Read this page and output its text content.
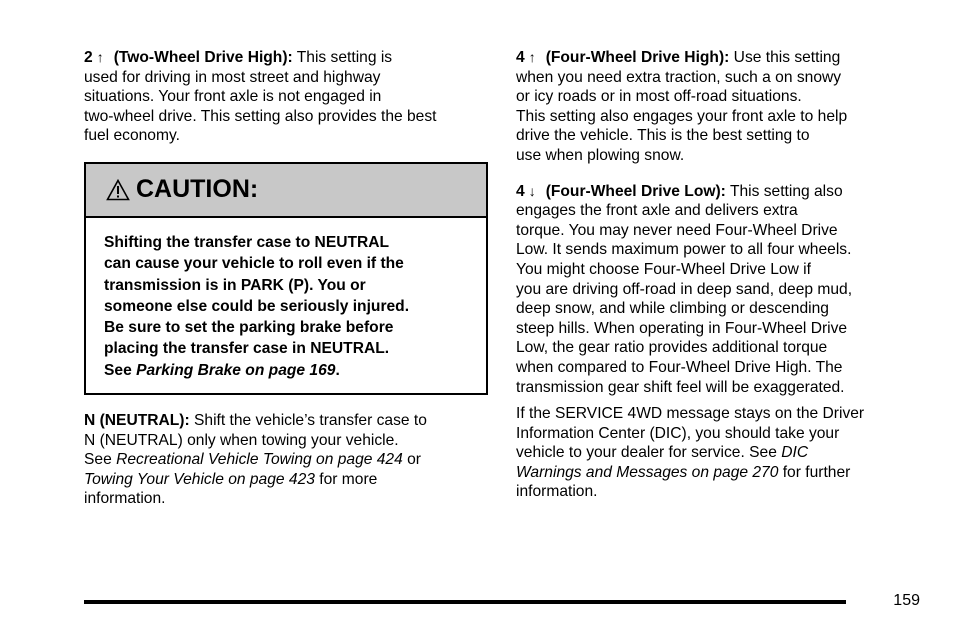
2 ↑ (Two-Wheel Drive High): This setting is
used for driving in most street and highway
situations. Your front axle is not engaged in
two-wheel drive. This setting also provides the best
fuel economy.

CAUTION:
Shifting the transfer case to NEUTRAL
can cause your vehicle to roll even if the
transmission is in PARK (P). You or
someone else could be seriously injured.
Be sure to set the parking brake before
placing the transfer case in NEUTRAL.
See Parking Brake on page 169.

N (NEUTRAL): Shift the vehicle’s transfer case to
N (NEUTRAL) only when towing your vehicle.
See Recreational Vehicle Towing on page 424 or
Towing Your Vehicle on page 423 for more
information.

4 ↑ (Four-Wheel Drive High): Use this setting
when you need extra traction, such a on snowy
or icy roads or in most off-road situations.
This setting also engages your front axle to help
drive the vehicle. This is the best setting to
use when plowing snow.

4 ↓ (Four-Wheel Drive Low): This setting also
engages the front axle and delivers extra
torque. You may never need Four-Wheel Drive
Low. It sends maximum power to all four wheels.
You might choose Four-Wheel Drive Low if
you are driving off-road in deep sand, deep mud,
deep snow, and while climbing or descending
steep hills. When operating in Four-Wheel Drive
Low, the gear ratio provides additional torque
when compared to Four-Wheel Drive High. The
transmission gear shift feel will be exaggerated.

If the SERVICE 4WD message stays on the Driver
Information Center (DIC), you should take your
vehicle to your dealer for service. See DIC
Warnings and Messages on page 270 for further
information.

159
